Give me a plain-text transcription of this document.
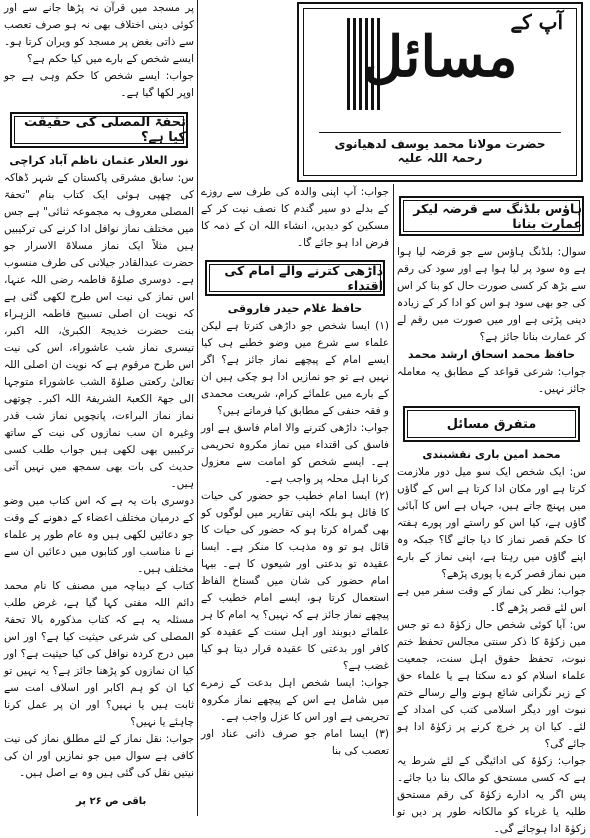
پر مسجد میں قرآن نہ پڑھا جانے سے اور کوئی دینی اختلاف بھی نہ ہو صرف تعصب سے ذاتی بغض پر مسجد کو ویران کرتا ہو۔ ایسے شخص کے بارے میں کیا حکم ہے؟

جواب: ایسے شخص کا حکم وہی ہے جو اوپر لکھا گیا ہے۔

تحفۃ المصلی کی حقیقت کیا ہے؟
نور العلار عثمان ناظم آباد کراچی

س: سابق مشرقی پاکستان کے شہر ڈھاکہ کی چھپی ہوئی ایک کتاب بنام "تحفۃ المصلی معروف بہ مجموعہ ثنائی" ہے جس میں مختلف نماز نوافل ادا کرنے کی ترکیبیں ہیں مثلاً ایک نماز مسلاۃ الاسرار جو حضرت عبدالقادر جیلانی کی طرف منسوب ہے۔ دوسری صلوٰۃ فاطمہ رضی اللہ عنہا، اس نماز کی نیت اس طرح لکھی گئی ہے کہ نویت ان اصلی تسبیح فاطمہ الزہراء بنت حضرت خدیجۃ الکبریٰ، اللہ اکبر، تیسری نماز شب عاشوراء، اس کی نیت اس طرح مرقوم ہے کہ نویت ان اصلی اللہ تعالیٰ رکعتی صلوٰۃ الشب عاشوراء متوجہا الی جھۃ الکعبۃ الشریفۃ اللہ اکبر۔ چوتھی نماز نماز البراءت، پانچویں نماز شب قدر وغیرہ ان سب نمازوں کی نیت کے ساتھ ترکیبیں بھی لکھی ہیں جواب طلب کسی حدیث کی بات بھی سمجھ میں نہیں آتی ہیں۔

دوسری بات یہ ہے کہ اس کتاب میں وضو کے درمیان مختلف اعضاء کے دھونے کے وقت جو دعائیں لکھی ہیں وہ عام طور پر علماء نے نا مناسب اور کتابوں میں دعائیں ان سے مختلف ہیں۔

کتاب کے دیباچہ میں مصنف کا نام محمد دائم اللہ مفتی کہا گیا ہے، غرض طلب مسئلہ یہ ہے کہ کتاب مذکورہ بالا تحفۃ المصلی کی شرعی حیثیت کیا ہے؟ اور اس میں درج کردہ نوافل کی کیا حیثیت ہے؟ اور کیا ان نمازوں کو پڑھنا جائز ہے؟ یہ نہیں تو کیا ان کو ہم اکابر اور اسلاف امت سے ثابت ہیں یا نہیں؟ اور ان پر عمل کرنا چاہئے یا نہیں؟

جواب: نقل نماز کے لئے مطلق نماز کی نیت کافی ہے سوال میں جو نمازیں اور ان کی نیتیں نقل کی گئی ہیں وہ بے اصل ہیں۔

باقی ص ۲۶ پر
آپ کے
مسائل
حضرت مولانا محمد یوسف لدھیانوی رحمۃ اللہ علیہ

جواب: آپ اپنی والدہ کی طرف سے روزے کے بدلے دو سیر گندم کا نصف نیت کر کے مسکین کو دیدیں، انشاء اللہ ان کے ذمہ کا فرض ادا ہو جائے گا۔

داڑھی کترنے والے امام کی اقتداء
حافظ غلام حیدر فاروقی

(۱) ایسا شخص جو داڑھی کترتا ہے لیکن علماء سے شرع میں وضو خطبے ہی کیا ایسے امام کے پیچھے نماز جائز ہے؟ اگر نہیں ہے تو جو نمازیں ادا ہو چکی ہیں ان کے بارے میں علمائے کرام، شریعت محمدی و فقہ حنفی کے مطابق کیا فرماتے ہیں؟

جواب: داڑھی کترنے والا امام فاسق ہے اور فاسق کی اقتداء میں نماز مکروہ تحریمی ہے۔ ایسے شخص کو امامت سے معزول کرنا اہل محلہ پر واجب ہے۔

(۲) ایسا امام خطیب جو حضور کی حیات کا قائل ہو بلکہ اپنی تقاریر میں لوگوں کو بھی گمراہ کرتا ہو کہ حضور کی حیات کا قائل ہو تو وہ مذہب کا منکر ہے۔ ایسا عقیدہ تو بدعتی اور شیعوں کا ہے۔ بیہا امام حضور کی شان میں گستاخ الفاظ استعمال کرتا ہو، ایسے امام خطیب کے پیچھے نماز جائز ہے کہ نہیں؟ یہ امام کا ہر علمائے دیوبند اور اہل سنت کے عقیدہ کو کافر اور بدعتی کا عقیدہ قرار دیتا ہو کیا غضب ہے؟

جواب: ایسا شخص اہل بدعت کے زمرے میں شامل ہے اس کے پیچھے نماز مکروہ تحریمی ہے اور اس کا عزل واجب ہے۔

(۳) ایسا امام جو صرف ذاتی عناد اور تعصب کی بنا

ہاؤس بلڈنگ سے قرضہ لیکر عمارت بنانا

سوال: بلڈنگ ہاؤس سے جو قرضہ لیا ہوا ہے وہ سود پر لیا ہوا ہے اور سود کی رقم سے بڑھ کر کسی صورت حال کو بنا کر اس کی جو بھی سود ہو اس کو ادا کر کے زیادہ دینی پڑتی ہے اور میں صورت میں رقم لے کر عمارت بنانا جائز ہے؟

حافظ محمد اسحاق ارشد محمد

جواب: شرعی قواعد کے مطابق یہ معاملہ جائز نہیں۔

متفرق مسائل
محمد امین باری نقشبندی

س: ایک شخص ایک سو میل دور ملازمت کرتا ہے اور مکان ادا کرتا ہے اس کے گاؤں میں پہنچ جاتے ہیں، جہاں ہے اس کا آبائی گاؤں ہے، کیا اس کو راستے اور پورے ہفتہ کا حکم قصر نماز کا دیا جائے گا؟ جبکہ وہ اپنے گاؤں میں رہتا ہے، اپنی نماز کے بارے میں نماز قصر کرے یا پوری پڑھے؟

جواب: نظر کی نماز کے وقت سفر میں ہے اس لئے قصر پڑھے گا۔

س: آیا کوئی شخص حال زکوٰۃ دے تو جس میں زکوٰۃ کا ذکر سنتی مجالس تحفظ ختم نبوت، تحفظ حقوق اہل سنت، جمعیت علماء اسلام کو دے سکتا ہے یا علماء حق کے زیر نگرانی شائع ہونے والے رسالے ختم نبوت اور دیگر اسلامی کتب کی امداد کے لئے۔ کیا ان پر خرچ کرنے پر زکوٰۃ ادا ہو جائے گی؟

جواب: زکوٰۃ کی ادائیگی کے لئے شرط یہ ہے کہ کسی مستحق کو مالک بنا دیا جائے۔ پس اگر یہ ادارے زکوٰۃ کی رقم مستحق طلبہ یا غرباء کو مالکانہ طور پر دیں تو زکوٰۃ ادا ہوجائے گی۔
